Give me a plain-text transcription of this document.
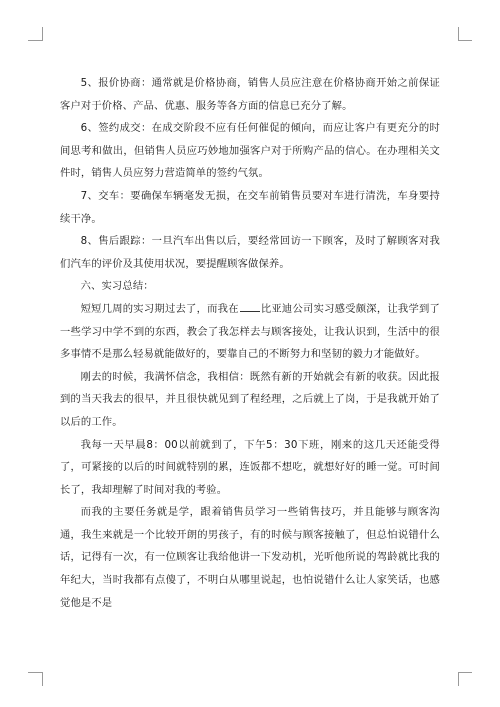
5、报价协商：通常就是价格协商，销售人员应注意在价格协商开始之前保证客户对于价格、产品、优惠、服务等各方面的信息已充分了解。

6、签约成交：在成交阶段不应有任何催促的倾向，而应让客户有更充分的时间思考和做出，但销售人员应巧妙地加强客户对于所购产品的信心。在办理相关文件时，销售人员应努力营造简单的签约气氛。

7、交车：要确保车辆毫发无损，在交车前销售员要对车进行清洗，车身要持续干净。

8、售后跟踪：一旦汽车出售以后，要经常回访一下顾客，及时了解顾客对我们汽车的评价及其使用状况，要提醒顾客做保养。

六、实习总结：

短短几周的实习期过去了，而我在 比亚迪公司实习感受颇深，让我学到了一些学习中学不到的东西，教会了我怎样去与顾客接处，让我认识到，生活中的很多事情不是那么轻易就能做好的，要靠自己的不断努力和坚韧的毅力才能做好。

刚去的时候，我满怀信念，我相信：既然有新的开始就会有新的收获。因此报到的当天我去的很早，并且很快就见到了程经理，之后就上了岗，于是我就开始了以后的工作。

我每一天早晨8：00以前就到了，下午5：30下班，刚来的这几天还能受得了，可紧接的以后的时间就特别的累，连饭都不想吃，就想好好的睡一觉。可时间长了，我却理解了时间对我的考验。

而我的主要任务就是学，跟着销售员学习一些销售技巧，并且能够与顾客沟通，我生来就是一个比较开朗的男孩子，有的时候与顾客接触了，但总怕说错什么话，记得有一次，有一位顾客让我给他讲一下发动机，光听他所说的驾龄就比我的年纪大，当时我都有点傻了，不明白从哪里说起，也怕说错什么让人家笑话，也感觉他是不是
